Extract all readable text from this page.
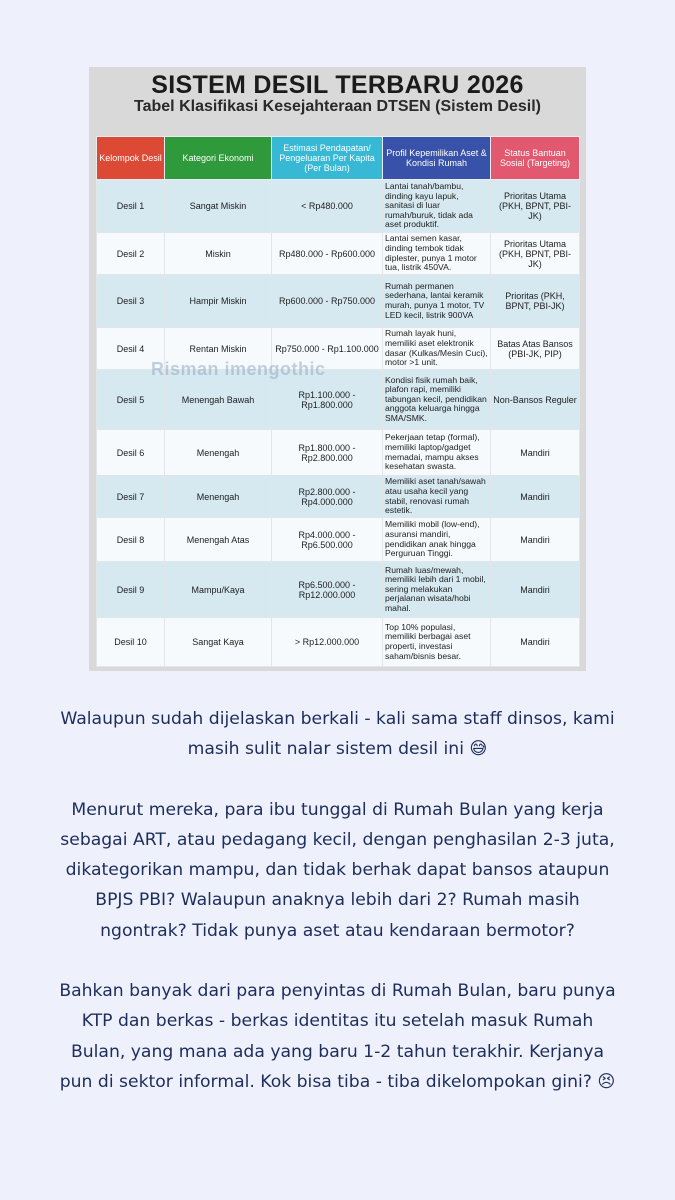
SISTEM DESIL TERBARU 2026
Tabel Klasifikasi Kesejahteraan DTSEN (Sistem Desil)
Kelompok Desil	Kategori Ekonomi	Estimasi Pendapatan/ Pengeluaran Per Kapita (Per Bulan)	Profil Kepemilikan Aset & Kondisi Rumah	Status Bantuan Sosial (Targeting)
Desil 1	Sangat Miskin	< Rp480.000	Lantai tanah/bambu, dinding kayu lapuk, sanitasi di luar rumah/buruk, tidak ada aset produktif.	Prioritas Utama (PKH, BPNT, PBI-JK)
Desil 2	Miskin	Rp480.000 - Rp600.000	Lantai semen kasar, dinding tembok tidak diplester, punya 1 motor tua, listrik 450VA.	Prioritas Utama (PKH, BPNT, PBI-JK)
Desil 3	Hampir Miskin	Rp600.000 - Rp750.000	Rumah permanen sederhana, lantai keramik murah, punya 1 motor, TV LED kecil, listrik 900VA	Prioritas (PKH, BPNT, PBI-JK)
Desil 4	Rentan Miskin	Rp750.000 - Rp1.100.000	Rumah layak huni, memiliki aset elektronik dasar (Kulkas/Mesin Cuci), motor >1 unit.	Batas Atas Bansos (PBI-JK, PIP)
Desil 5	Menengah Bawah	Rp1.100.000 - Rp1.800.000	Kondisi fisik rumah baik, plafon rapi, memiliki tabungan kecil, pendidikan anggota keluarga hingga SMA/SMK.	Non-Bansos Reguler
Desil 6	Menengah	Rp1.800.000 - Rp2.800.000	Pekerjaan tetap (formal), memiliki laptop/gadget memadai, mampu akses kesehatan swasta.	Mandiri
Desil 7	Menengah	Rp2.800.000 - Rp4.000.000	Memiliki aset tanah/sawah atau usaha kecil yang stabil, renovasi rumah estetik.	Mandiri
Desil 8	Menengah Atas	Rp4.000.000 - Rp6.500.000	Memiliki mobil (low-end), asuransi mandiri, pendidikan anak hingga Perguruan Tinggi.	Mandiri
Desil 9	Mampu/Kaya	Rp6.500.000 - Rp12.000.000	Rumah luas/mewah, memiliki lebih dari 1 mobil, sering melakukan perjalanan wisata/hobi mahal.	Mandiri
Desil 10	Sangat Kaya	> Rp12.000.000	Top 10% populasi, memiliki berbagai aset properti, investasi saham/bisnis besar.	Mandiri
Risman imengothic

Walaupun sudah dijelaskan berkali - kali sama staff dinsos, kami masih sulit nalar sistem desil ini 😅

Menurut mereka, para ibu tunggal di Rumah Bulan yang kerja sebagai ART, atau pedagang kecil, dengan penghasilan 2-3 juta, dikategorikan mampu, dan tidak berhak dapat bansos ataupun BPJS PBI? Walaupun anaknya lebih dari 2? Rumah masih ngontrak? Tidak punya aset atau kendaraan bermotor?

Bahkan banyak dari para penyintas di Rumah Bulan, baru punya KTP dan berkas - berkas identitas itu setelah masuk Rumah Bulan, yang mana ada yang baru 1-2 tahun terakhir. Kerjanya pun di sektor informal. Kok bisa tiba - tiba dikelompokan gini? 😣
